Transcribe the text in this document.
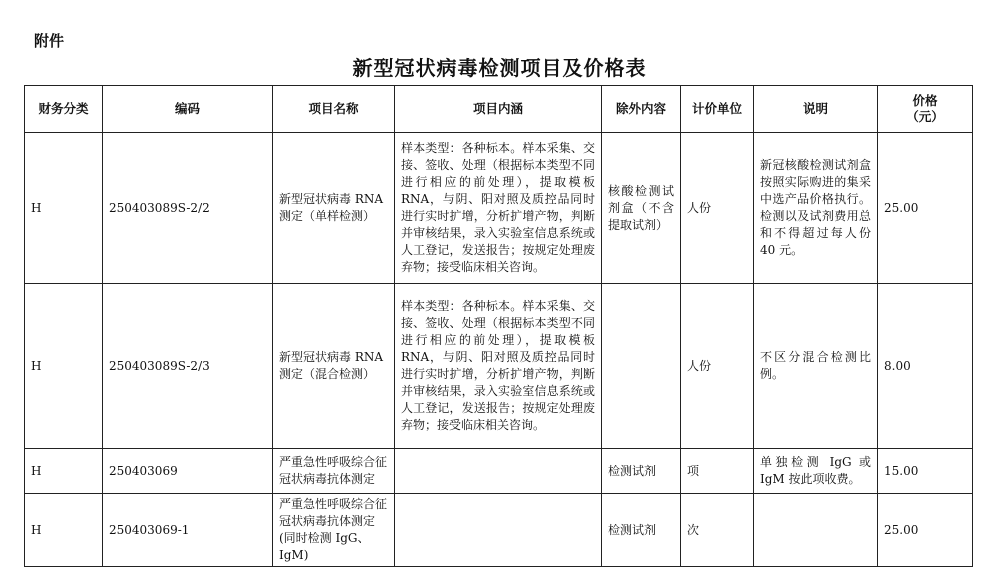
附件
新型冠状病毒检测项目及价格表
财务分类	编码	项目名称	项目内涵	除外内容	计价单位	说明	价格
（元）
H	250403089S-2/2	新型冠状病毒 RNA 测定（单样检测）	样本类型：各种标本。样本采集、交接、签收、处理（根据标本类型不同进行相应的前处理），提取模板 RNA，与阴、阳对照及质控品同时进行实时扩增，分析扩增产物，判断并审核结果，录入实验室信息系统或人工登记，发送报告；按规定处理废弃物；接受临床相关咨询。	核酸检测试剂盒（不含提取试剂）	人份	新冠核酸检测试剂盒按照实际购进的集采中选产品价格执行。检测以及试剂费用总和不得超过每人份 40 元。	25.00
H	250403089S-2/3	新型冠状病毒 RNA 测定（混合检测）	样本类型：各种标本。样本采集、交接、签收、处理（根据标本类型不同进行相应的前处理），提取模板 RNA，与阴、阳对照及质控品同时进行实时扩增，分析扩增产物，判断并审核结果，录入实验室信息系统或人工登记，发送报告；按规定处理废弃物；接受临床相关咨询。		人份	不区分混合检测比例。	8.00
H	250403069	严重急性呼吸综合征冠状病毒抗体测定		检测试剂	项	单独检测 IgG 或 IgM 按此项收费。	15.00
H	250403069-1	严重急性呼吸综合征冠状病毒抗体测定(同时检测 IgG、IgM)		检测试剂	次		25.00
